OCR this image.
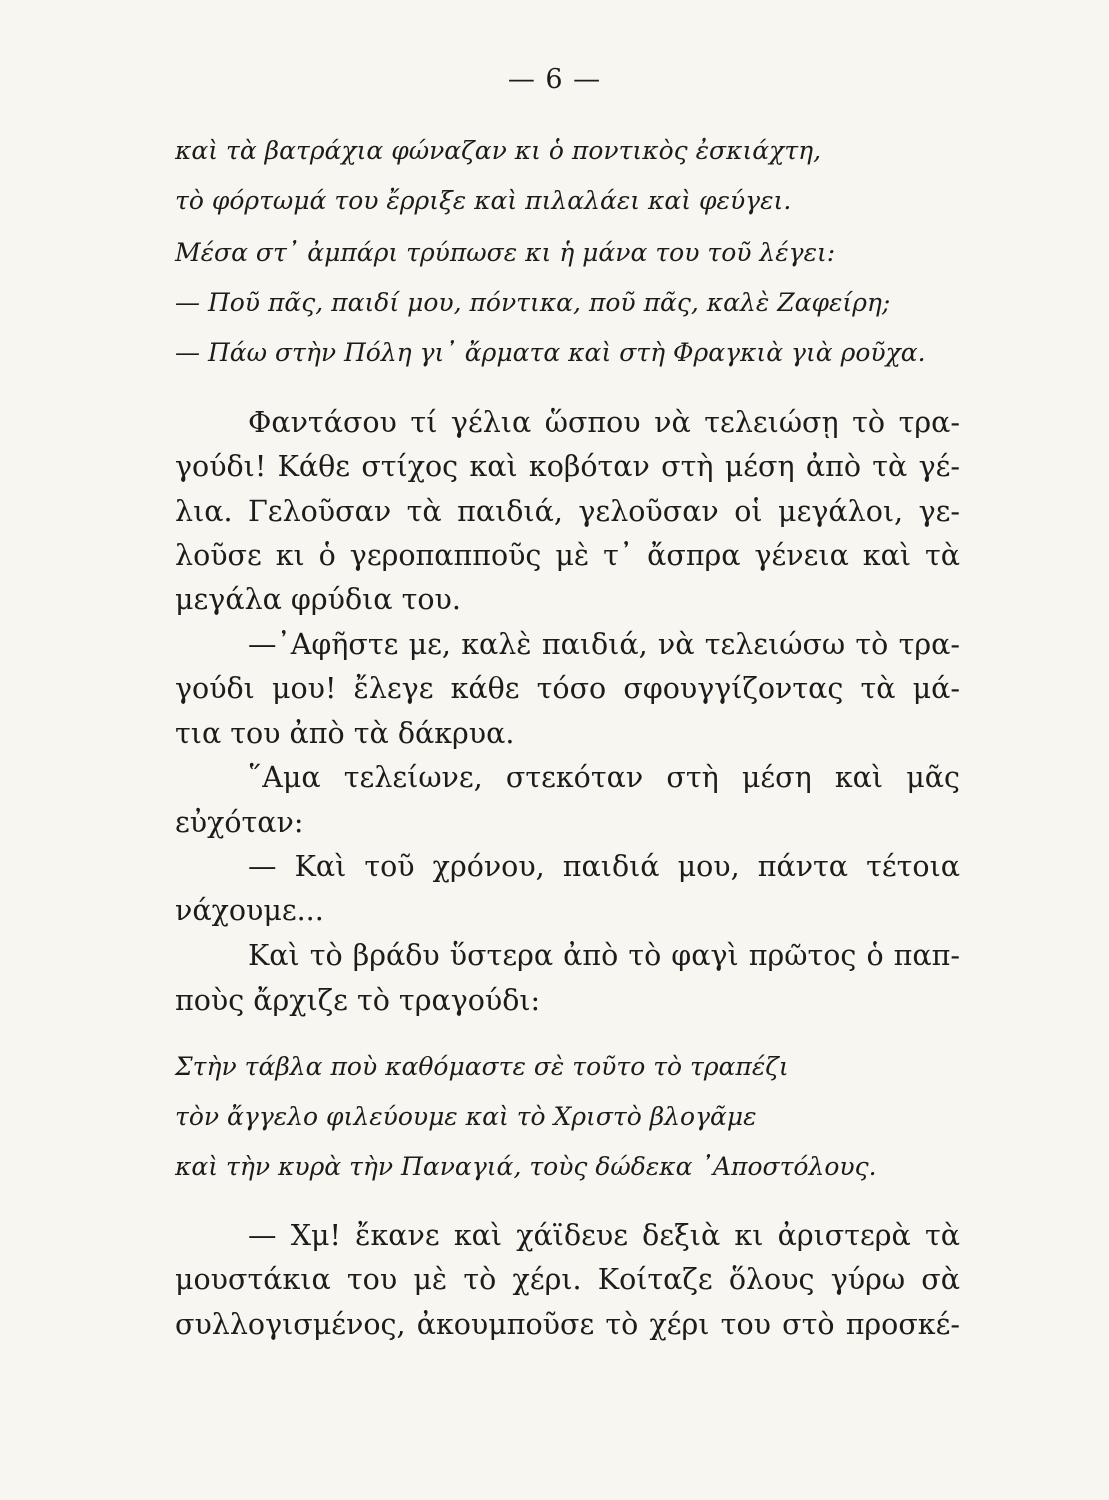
— 6 —
καὶ τὰ βατράχια φώναζαν κι ὁ ποντικὸς ἐσκιάχτη,
τὸ φόρτωμά του ἔρριξε καὶ πιλαλάει καὶ φεύγει.
Μέσα στ᾽ ἀμπάρι τρύπωσε κι ἡ μάνα του τοῦ λέγει:
— Ποῦ πᾶς, παιδί μου, πόντικα, ποῦ πᾶς, καλὲ Ζαφείρη;
— Πάω στὴν Πόλη γι᾽ ἄρματα καὶ στὴ Φραγκιὰ γιὰ ροῦχα.
Φαντάσου τί γέλια ὥσπου νὰ τελειώσῃ τὸ τρα-
γούδι! Κάθε στίχος καὶ κοβόταν στὴ μέση ἀπὸ τὰ γέ-
λια. Γελοῦσαν τὰ παιδιά, γελοῦσαν οἱ μεγάλοι, γε-
λοῦσε κι ὁ γεροπαπποῦς μὲ τ᾽ ἄσπρα γένεια καὶ τὰ
μεγάλα φρύδια του.
—᾽Αφῆστε με, καλὲ παιδιά, νὰ τελειώσω τὸ τρα-
γούδι μου! ἔλεγε κάθε τόσο σφουγγίζοντας τὰ μά-
τια του ἀπὸ τὰ δάκρυα.
῞Αμα τελείωνε, στεκόταν στὴ μέση καὶ μᾶς
εὐχόταν:
— Καὶ τοῦ χρόνου, παιδιά μου, πάντα τέτοια
νάχουμε...
Καὶ τὸ βράδυ ὕστερα ἀπὸ τὸ φαγὶ πρῶτος ὁ παπ-
ποὺς ἄρχιζε τὸ τραγούδι:
Στὴν τάβλα ποὺ καθόμαστε σὲ τοῦτο τὸ τραπέζι
τὸν ἄγγελο φιλεύουμε καὶ τὸ Χριστὸ βλογᾶμε
καὶ τὴν κυρὰ τὴν Παναγιά, τοὺς δώδεκα ᾽Αποστόλους.
— Χμ! ἔκανε καὶ χάϊδευε δεξιὰ κι ἀριστερὰ τὰ
μουστάκια του μὲ τὸ χέρι. Κοίταζε ὅλους γύρω σὰ
συλλογισμένος, ἀκουμποῦσε τὸ χέρι του στὸ προσκέ-
